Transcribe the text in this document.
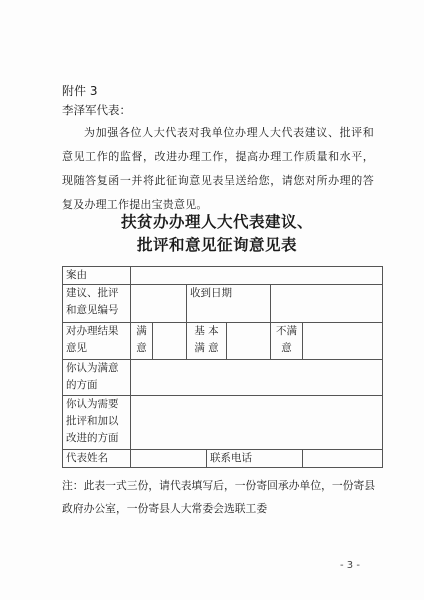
附件 3
李泽军代表：
为加强各位人大代表对我单位办理人大代表建议、批评和意见工作的监督，改进办理工作，提高办理工作质量和水平，现随答复函一并将此征询意见表呈送给您，请您对所办理的答复及办理工作提出宝贵意见。
扶贫办办理人大代表建议、
批评和意见征询意见表
案由							
建议、批评和意见编号			收到日期				
对办理结果意见	满 意		基 本 满 意			不满意	
你认为满意的方面							
你认为需要批评和加以改进的方面							
代表姓名				联系电话			
注：此表一式三份，请代表填写后，一份寄回承办单位，一份寄县政府办公室，一份寄县人大常委会选联工委
- 3 -
